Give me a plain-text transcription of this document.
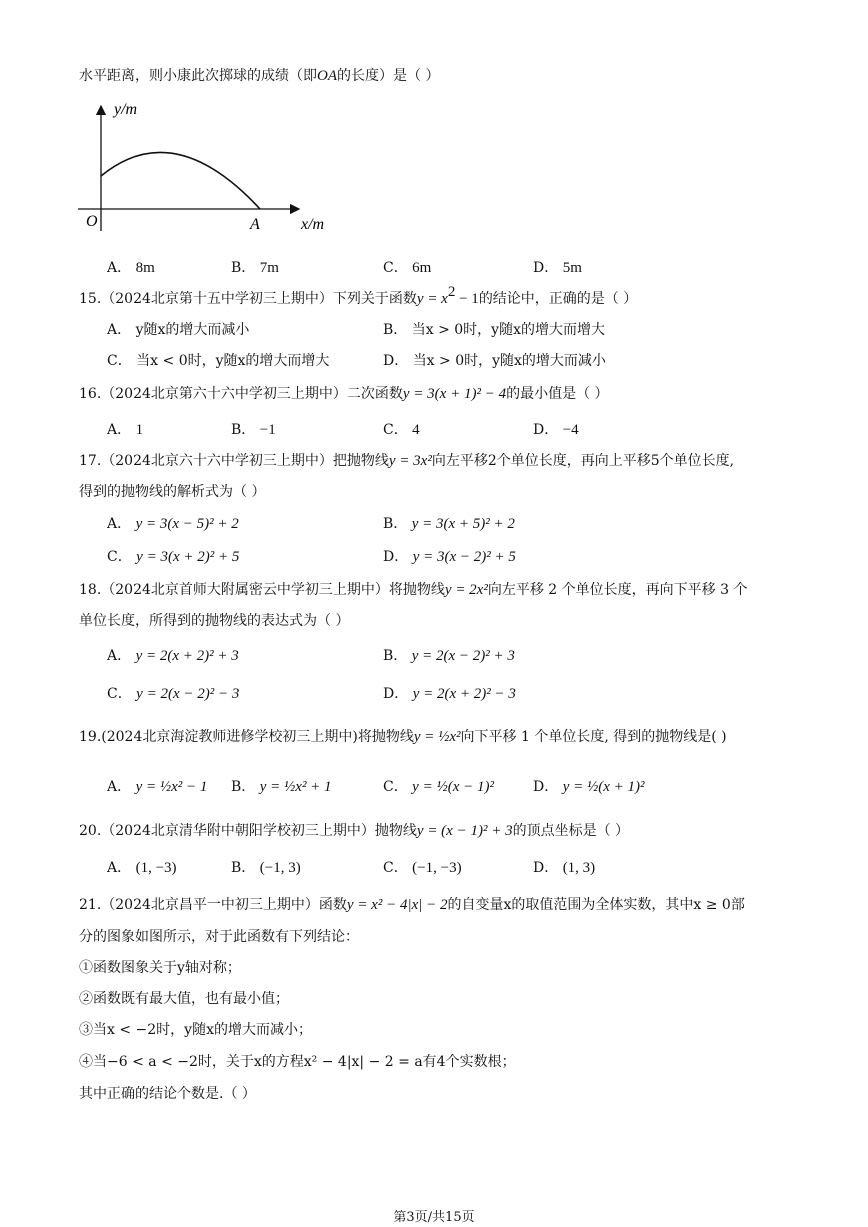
水平距离，则小康此次掷球的成绩（即OA的长度）是（ ）
y/m
x/m
O	A
A． 8m	B． 7m	C． 6m	D． 5m
15.（2024北京第十五中学初三上期中）下列关于函数$y = x^2 - 1$的结论中，正确的是（ ）
A． y随x的增大而减小	B． 当x > 0时，y随x的增大而增大
C． 当x < 0时，y随x的增大而增大	D． 当x > 0时，y随x的增大而减小
16.（2024北京第六十六中学初三上期中）二次函数y = 3(x + 1)² − 4的最小值是（ ）
A． 1	B． −1	C． 4	D． −4
17.（2024北京六十六中学初三上期中）把抛物线y = 3x²向左平移2个单位长度，再向上平移5个单位长度,
得到的抛物线的解析式为（ ）
A． y = 3(x − 5)² + 2	B． y = 3(x + 5)² + 2
C． y = 3(x + 2)² + 5	D． y = 3(x − 2)² + 5
18.（2024北京首师大附属密云中学初三上期中）将抛物线y = 2x²向左平移 2 个单位长度，再向下平移 3 个
单位长度，所得到的抛物线的表达式为（ ）
A． y = 2(x + 2)² + 3	B． y = 2(x − 2)² + 3
C． y = 2(x − 2)² − 3	D． y = 2(x + 2)² − 3
19.(2024北京海淀教师进修学校初三上期中)将抛物线y = ½x²向下平移 1 个单位长度, 得到的抛物线是( )
A． y = ½x² − 1 B． y = ½x² + 1	C． y = ½(x − 1)²	D． y = ½(x + 1)²
20.（2024北京清华附中朝阳学校初三上期中）抛物线y = (x − 1)² + 3的顶点坐标是（ ）
A． (1, −3)	B． (−1, 3)	C． (−1, −3)	D． (1, 3)
21.（2024北京昌平一中初三上期中）函数y = x² − 4|x| − 2的自变量x的取值范围为全体实数，其中x ≥ 0部
分的图象如图所示，对于此函数有下列结论：
①函数图象关于y轴对称；
②函数既有最大值，也有最小值；
③当x < −2时，y随x的增大而减小；
④当−6 < a < −2时，关于x的方程x² − 4|x| − 2 = a有4个实数根；
其中正确的结论个数是.（ ）
第3页/共15页
